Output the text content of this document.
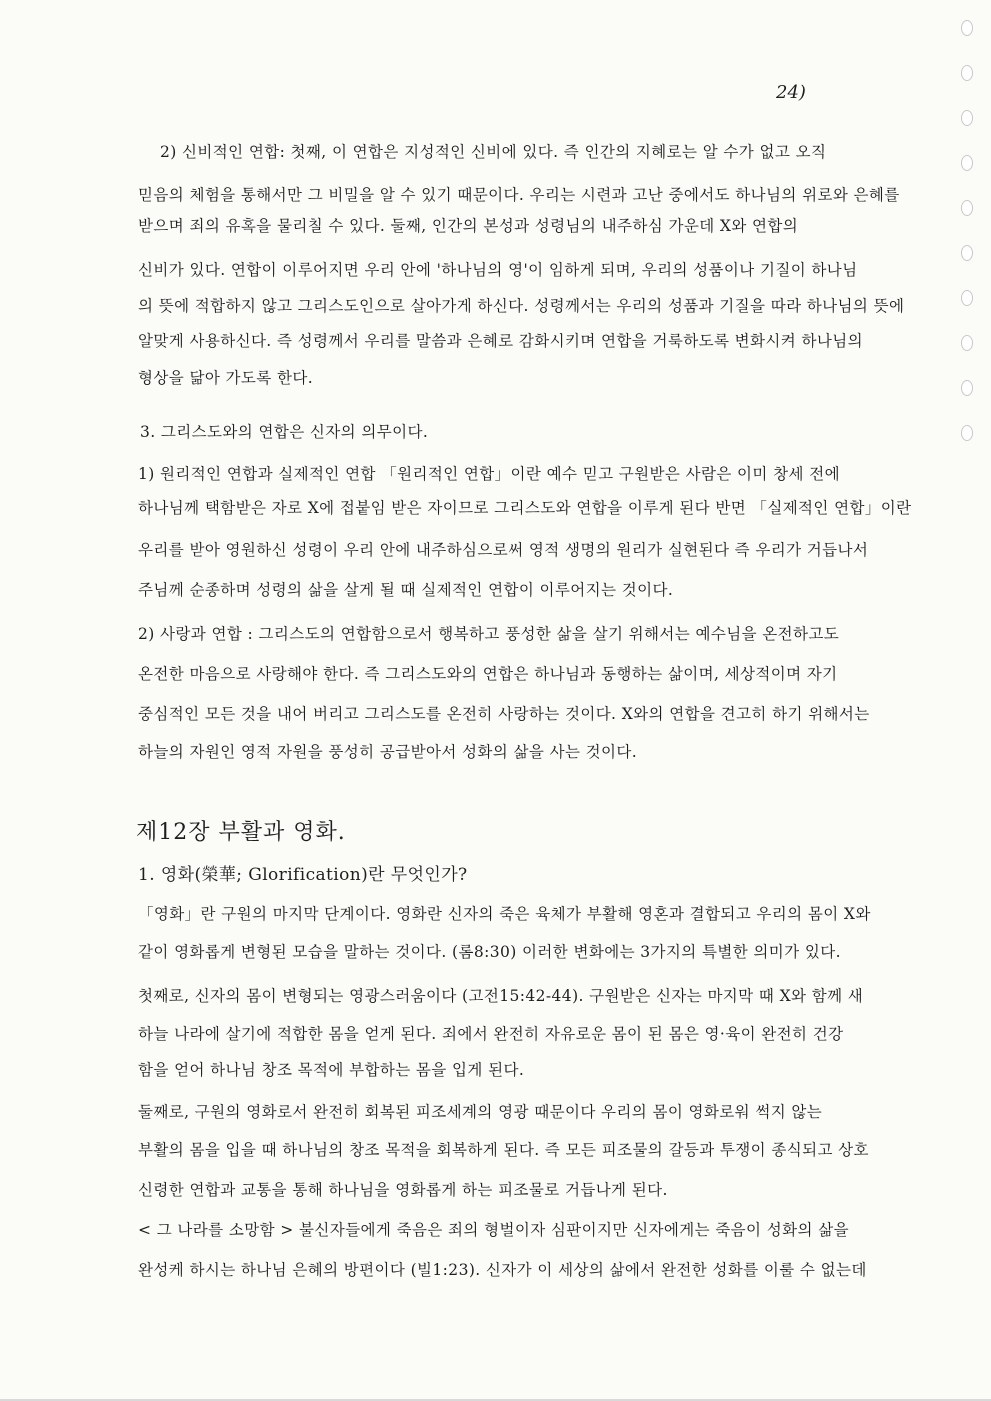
24)
2) 신비적인 연합: 첫째, 이 연합은 지성적인 신비에 있다. 즉 인간의 지혜로는 알 수가 없고 오직
믿음의 체험을 통해서만 그 비밀을 알 수 있기 때문이다. 우리는 시련과 고난 중에서도 하나님의 위로와 은혜를
받으며 죄의 유혹을 물리칠 수 있다. 둘째, 인간의 본성과 성령님의 내주하심 가운데 X와 연합의
신비가 있다. 연합이 이루어지면 우리 안에 '하나님의 영'이 임하게 되며, 우리의 성품이나 기질이 하나님
의 뜻에 적합하지 않고 그리스도인으로 살아가게 하신다. 성령께서는 우리의 성품과 기질을 따라 하나님의 뜻에
알맞게 사용하신다. 즉 성령께서 우리를 말씀과 은혜로 감화시키며 연합을 거룩하도록 변화시켜 하나님의
형상을 닮아 가도록 한다.
3. 그리스도와의 연합은 신자의 의무이다.
1) 원리적인 연합과 실제적인 연합 「원리적인 연합」이란 예수 믿고 구원받은 사람은 이미 창세 전에
하나님께 택함받은 자로 X에 접붙임 받은 자이므로 그리스도와 연합을 이루게 된다 반면 「실제적인 연합」이란
우리를 받아 영원하신 성령이 우리 안에 내주하심으로써 영적 생명의 원리가 실현된다 즉 우리가 거듭나서
주님께 순종하며 성령의 삶을 살게 될 때 실제적인 연합이 이루어지는 것이다.
2) 사랑과 연합 : 그리스도의 연합함으로서 행복하고 풍성한 삶을 살기 위해서는 예수님을 온전하고도
온전한 마음으로 사랑해야 한다. 즉 그리스도와의 연합은 하나님과 동행하는 삶이며, 세상적이며 자기
중심적인 모든 것을 내어 버리고 그리스도를 온전히 사랑하는 것이다. X와의 연합을 견고히 하기 위해서는
하늘의 자원인 영적 자원을 풍성히 공급받아서 성화의 삶을 사는 것이다.
제12장 부활과 영화.
1. 영화(榮華; Glorification)란 무엇인가?
「영화」란 구원의 마지막 단계이다. 영화란 신자의 죽은 육체가 부활해 영혼과 결합되고 우리의 몸이 X와
같이 영화롭게 변형된 모습을 말하는 것이다. (롬8:30) 이러한 변화에는 3가지의 특별한 의미가 있다.
첫째로, 신자의 몸이 변형되는 영광스러움이다 (고전15:42-44). 구원받은 신자는 마지막 때 X와 함께 새
하늘 나라에 살기에 적합한 몸을 얻게 된다. 죄에서 완전히 자유로운 몸이 된 몸은 영·육이 완전히 건강
함을 얻어 하나님 창조 목적에 부합하는 몸을 입게 된다.
둘째로, 구원의 영화로서 완전히 회복된 피조세계의 영광 때문이다 우리의 몸이 영화로워 썩지 않는
부활의 몸을 입을 때 하나님의 창조 목적을 회복하게 된다. 즉 모든 피조물의 갈등과 투쟁이 종식되고 상호
신령한 연합과 교통을 통해 하나님을 영화롭게 하는 피조물로 거듭나게 된다.
< 그 나라를 소망함 > 불신자들에게 죽음은 죄의 형벌이자 심판이지만 신자에게는 죽음이 성화의 삶을
완성케 하시는 하나님 은혜의 방편이다 (빌1:23). 신자가 이 세상의 삶에서 완전한 성화를 이룰 수 없는데
